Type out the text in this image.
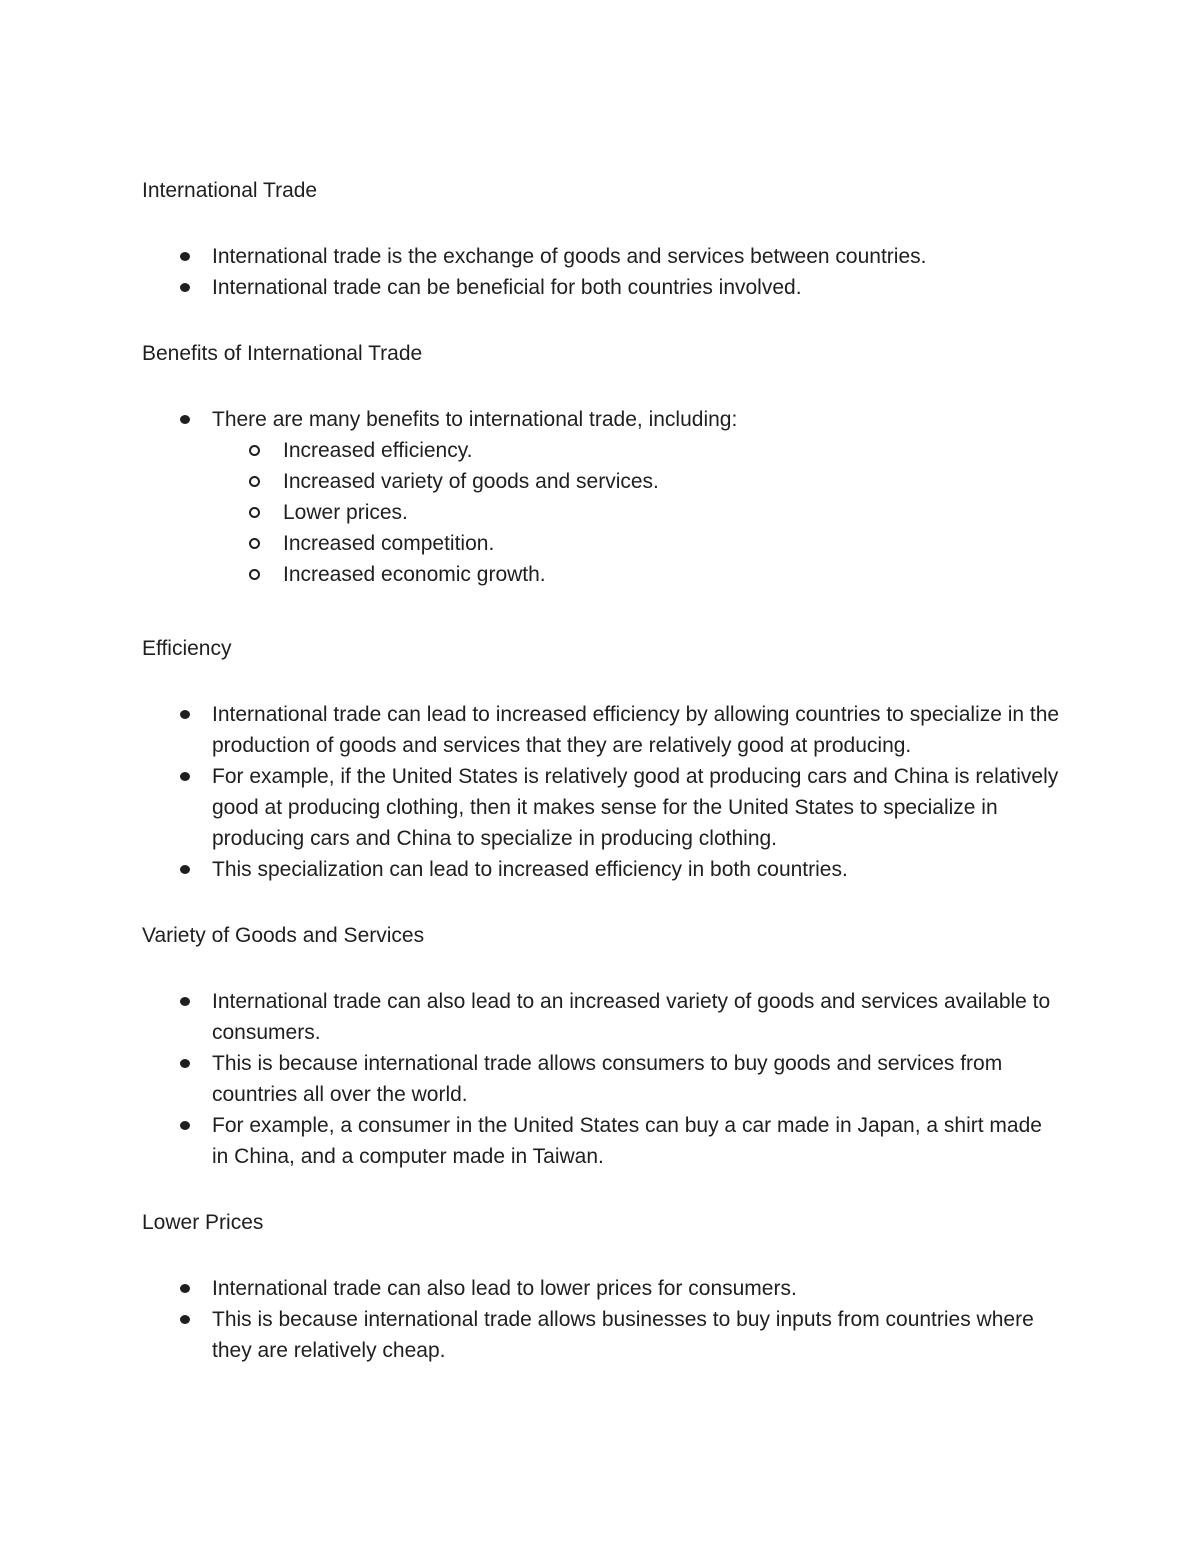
International Trade
International trade is the exchange of goods and services between countries.
International trade can be beneficial for both countries involved.
Benefits of International Trade
There are many benefits to international trade, including:
Increased efficiency.
Increased variety of goods and services.
Lower prices.
Increased competition.
Increased economic growth.
Efficiency
International trade can lead to increased efficiency by allowing countries to specialize in the production of goods and services that they are relatively good at producing.
For example, if the United States is relatively good at producing cars and China is relatively good at producing clothing, then it makes sense for the United States to specialize in producing cars and China to specialize in producing clothing.
This specialization can lead to increased efficiency in both countries.
Variety of Goods and Services
International trade can also lead to an increased variety of goods and services available to consumers.
This is because international trade allows consumers to buy goods and services from countries all over the world.
For example, a consumer in the United States can buy a car made in Japan, a shirt made in China, and a computer made in Taiwan.
Lower Prices
International trade can also lead to lower prices for consumers.
This is because international trade allows businesses to buy inputs from countries where they are relatively cheap.
